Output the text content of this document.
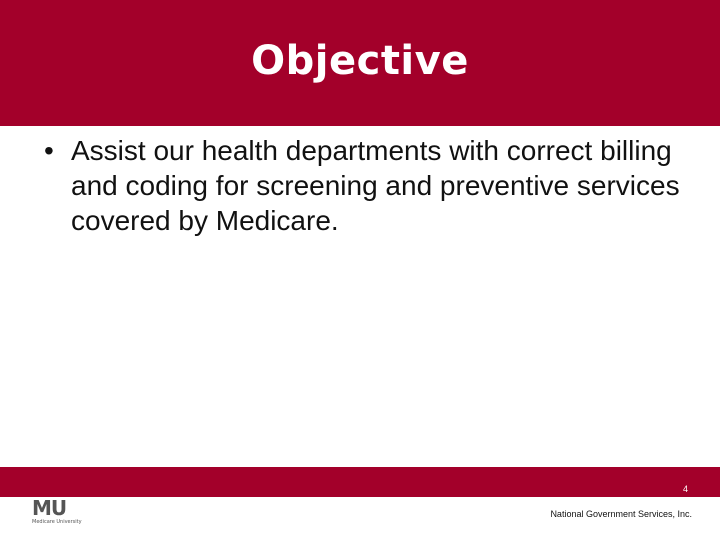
Objective
• Assist our health departments with correct billing and coding for screening and preventive services covered by Medicare.
4
MU
Medicare University
National Government Services, Inc.
